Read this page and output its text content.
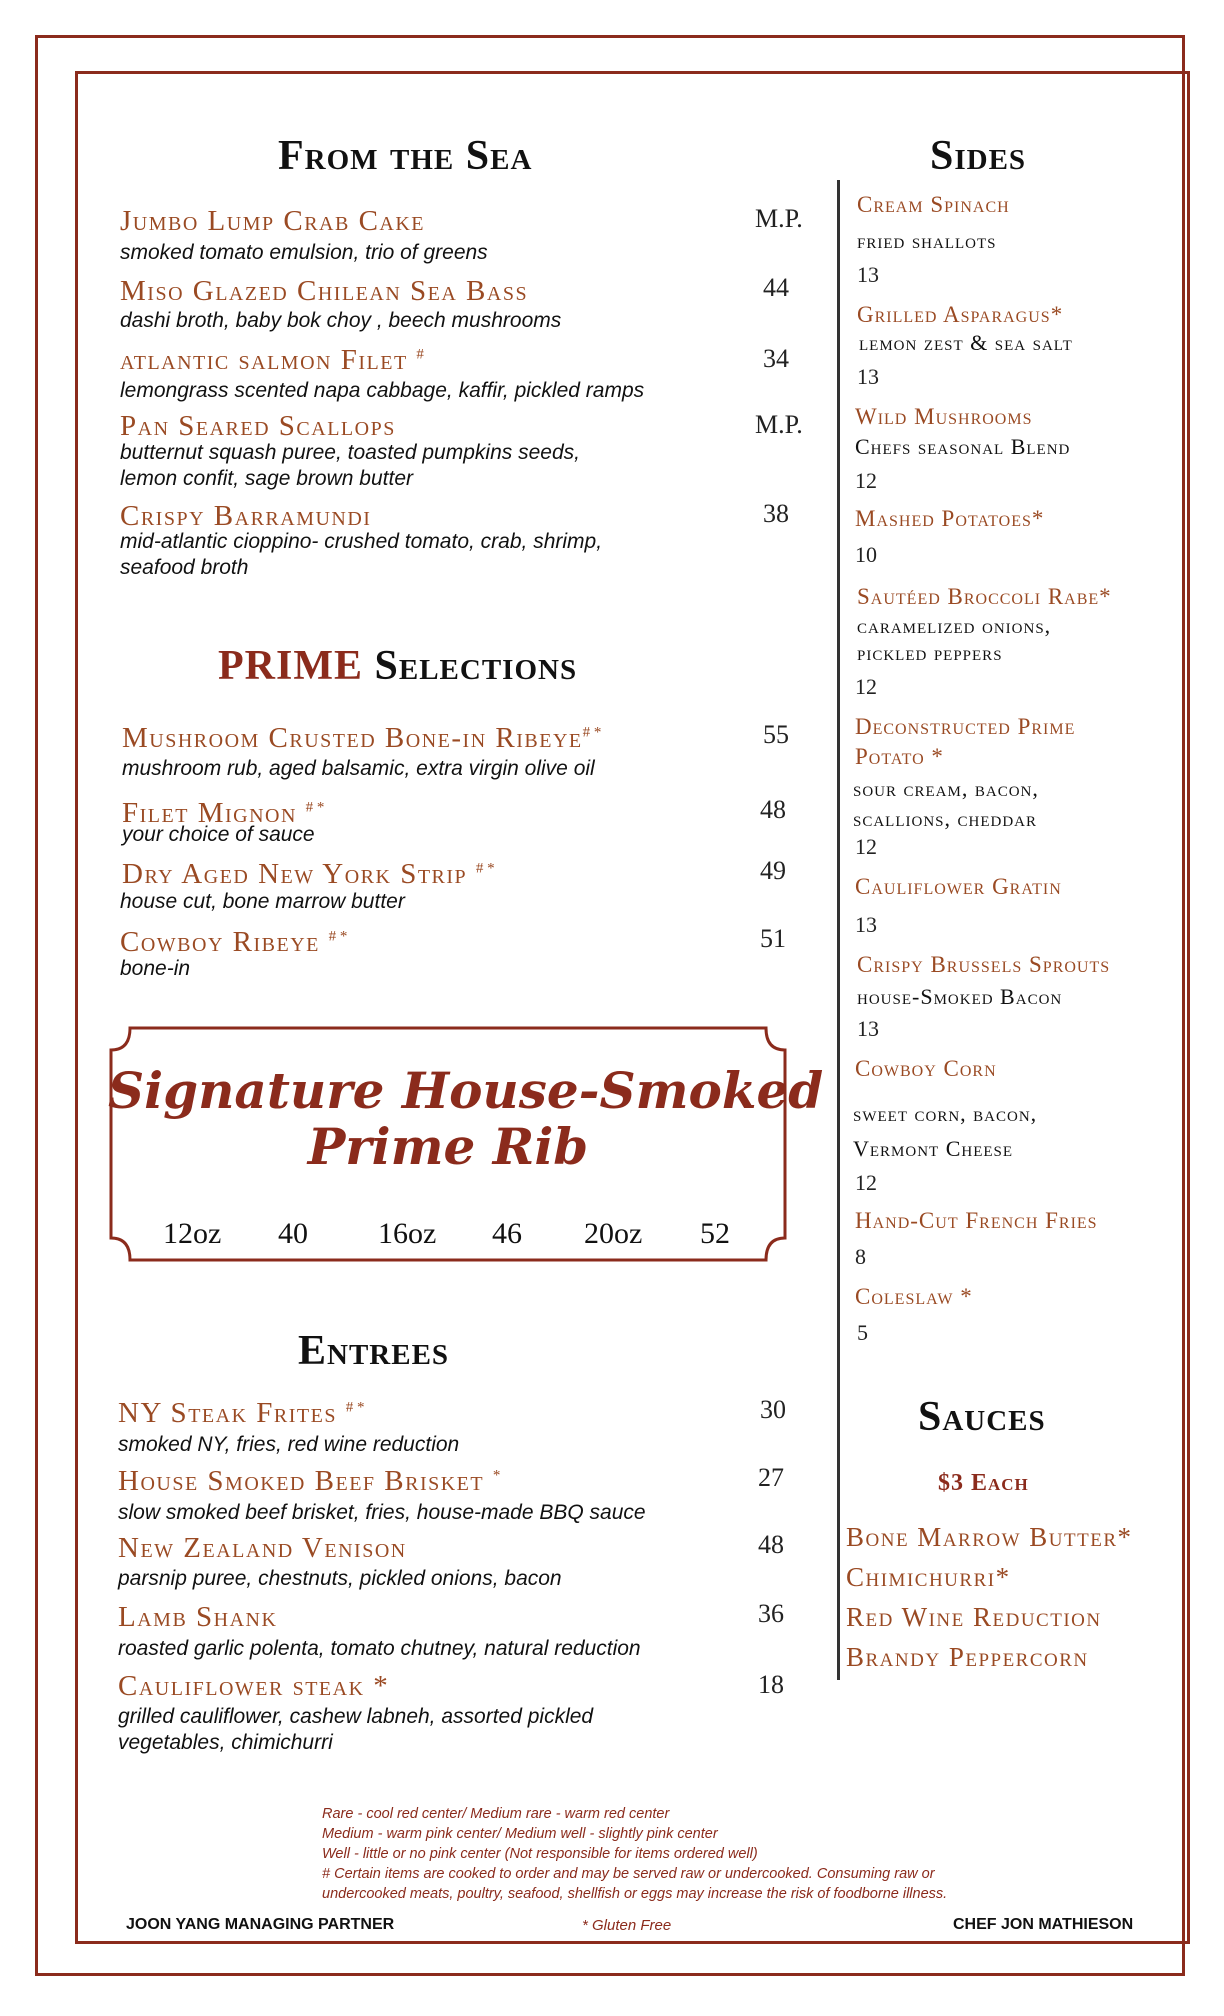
From the Sea
Jumbo Lump Crab Cake	M.P.
smoked tomato emulsion, trio of greens
Miso Glazed Chilean Sea Bass	44
dashi broth, baby bok choy , beech mushrooms
atlantic salmon Filet #	34
lemongrass scented napa cabbage, kaffir, pickled ramps
Pan Seared Scallops	M.P.
butternut squash puree, toasted pumpkins seeds, lemon confit, sage brown butter
Crispy Barramundi	38
mid-atlantic cioppino- crushed tomato, crab, shrimp, seafood broth
PRIME Selections
Mushroom Crusted Bone-in Ribeye# *	55
mushroom rub, aged balsamic, extra virgin olive oil
Filet Mignon # *	48
your choice of sauce
Dry Aged New York Strip # *	49
house cut, bone marrow butter
Cowboy Ribeye # *	51
bone-in
Signature House-Smoked
Prime Rib
12oz 40 16oz 46 20oz 52
Entrees
NY Steak Frites # *	30
smoked NY, fries, red wine reduction
House Smoked Beef Brisket *	27
slow smoked beef brisket, fries, house-made BBQ sauce
New Zealand Venison	48
parsnip puree, chestnuts, pickled onions, bacon
Lamb Shank	36
roasted garlic polenta, tomato chutney, natural reduction
Cauliflower steak *	18
grilled cauliflower, cashew labneh, assorted pickled vegetables, chimichurri
Sides
Cream Spinach
fried shallots
13
Grilled Asparagus*
lemon zest & sea salt
13
Wild Mushrooms
Chefs seasonal Blend
12
Mashed Potatoes*
10
Sautéed Broccoli Rabe*
caramelized onions, pickled peppers
12
Deconstructed Prime Potato *
sour cream, bacon, scallions, cheddar
12
Cauliflower Gratin
13
Crispy Brussels Sprouts
house-Smoked Bacon
13
Cowboy Corn
sweet corn, bacon, Vermont Cheese
12
Hand-Cut French Fries
8
Coleslaw *
5
Sauces
$3 Each
Bone Marrow Butter*
Chimichurri*
Red Wine Reduction
Brandy Peppercorn
Rare - cool red center/ Medium rare - warm red center
Medium - warm pink center/ Medium well - slightly pink center
Well - little or no pink center (Not responsible for items ordered well)
# Certain items are cooked to order and may be served raw or undercooked. Consuming raw or
undercooked meats, poultry, seafood, shellfish or eggs may increase the risk of foodborne illness.
JOON YANG MANAGING PARTNER	* Gluten Free	CHEF JON MATHIESON
